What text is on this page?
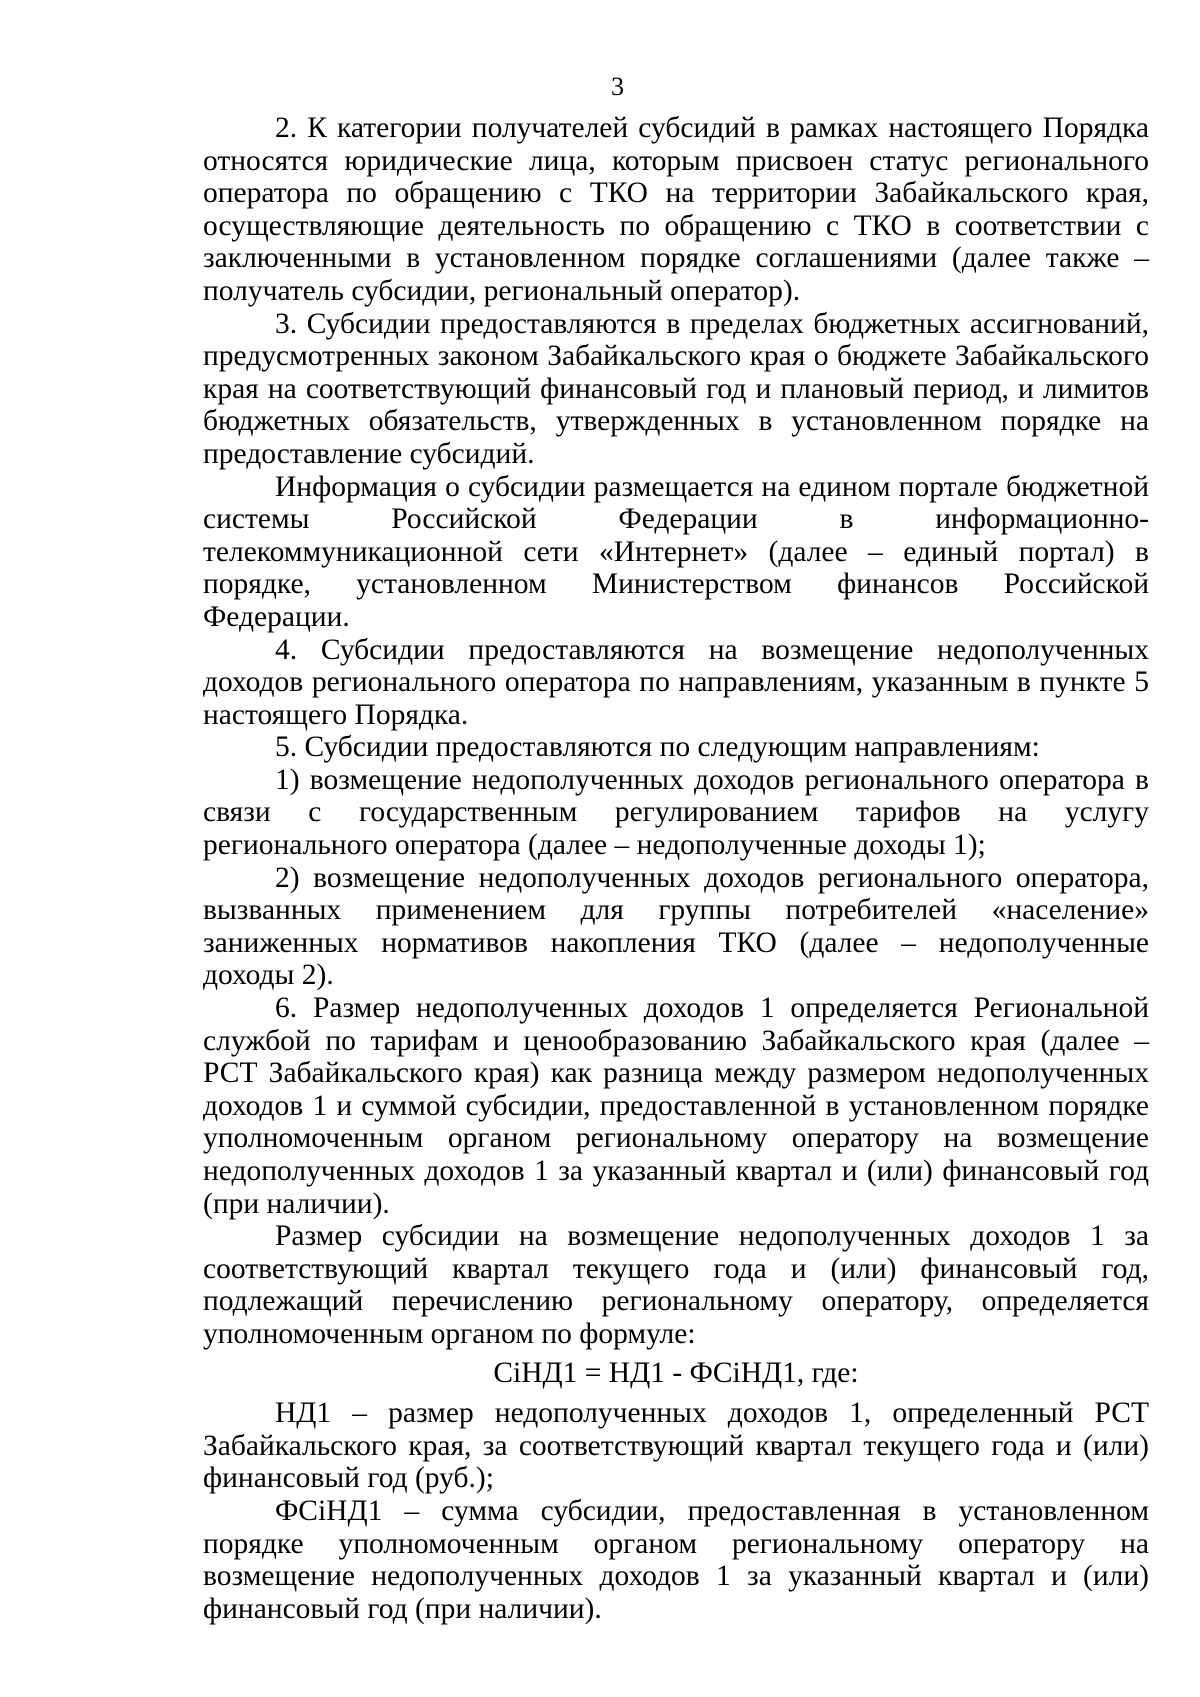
3

2. К категории получателей субсидий в рамках настоящего Порядка относятся юридические лица, которым присвоен статус регионального оператора по обращению с ТКО на территории Забайкальского края, осуществляющие деятельность по обращению с ТКО в соответствии с заключенными в установленном порядке соглашениями (далее также – получатель субсидии, региональный оператор).

3. Субсидии предоставляются в пределах бюджетных ассигнований, предусмотренных законом Забайкальского края о бюджете Забайкальского края на соответствующий финансовый год и плановый период, и лимитов бюджетных обязательств, утвержденных в установленном порядке на предоставление субсидий.

Информация о субсидии размещается на едином портале бюджетной системы Российской Федерации в информационно-телекоммуникационной сети «Интернет» (далее – единый портал) в порядке, установленном Министерством финансов Российской Федерации.

4. Субсидии предоставляются на возмещение недополученных доходов регионального оператора по направлениям, указанным в пункте 5 настоящего Порядка.

5. Субсидии предоставляются по следующим направлениям:

1) возмещение недополученных доходов регионального оператора в связи с государственным регулированием тарифов на услугу регионального оператора (далее – недополученные доходы 1);

2) возмещение недополученных доходов регионального оператора, вызванных применением для группы потребителей «население» заниженных нормативов накопления ТКО (далее – недополученные доходы 2).

6. Размер недополученных доходов 1 определяется Региональной службой по тарифам и ценообразованию Забайкальского края (далее – РСТ Забайкальского края) как разница между размером недополученных доходов 1 и суммой субсидии, предоставленной в установленном порядке уполномоченным органом региональному оператору на возмещение недополученных доходов 1 за указанный квартал и (или) финансовый год (при наличии).

Размер субсидии на возмещение недополученных доходов 1 за соответствующий квартал текущего года и (или) финансовый год, подлежащий перечислению региональному оператору, определяется уполномоченным органом по формуле:

СiНД1 = НД1 - ФСiНД1, где:

НД1 – размер недополученных доходов 1, определенный РСТ Забайкальского края, за соответствующий квартал текущего года и (или) финансовый год (руб.);

ФСiНД1 – сумма субсидии, предоставленная в установленном порядке уполномоченным органом региональному оператору на возмещение недополученных доходов 1 за указанный квартал и (или) финансовый год (при наличии).
